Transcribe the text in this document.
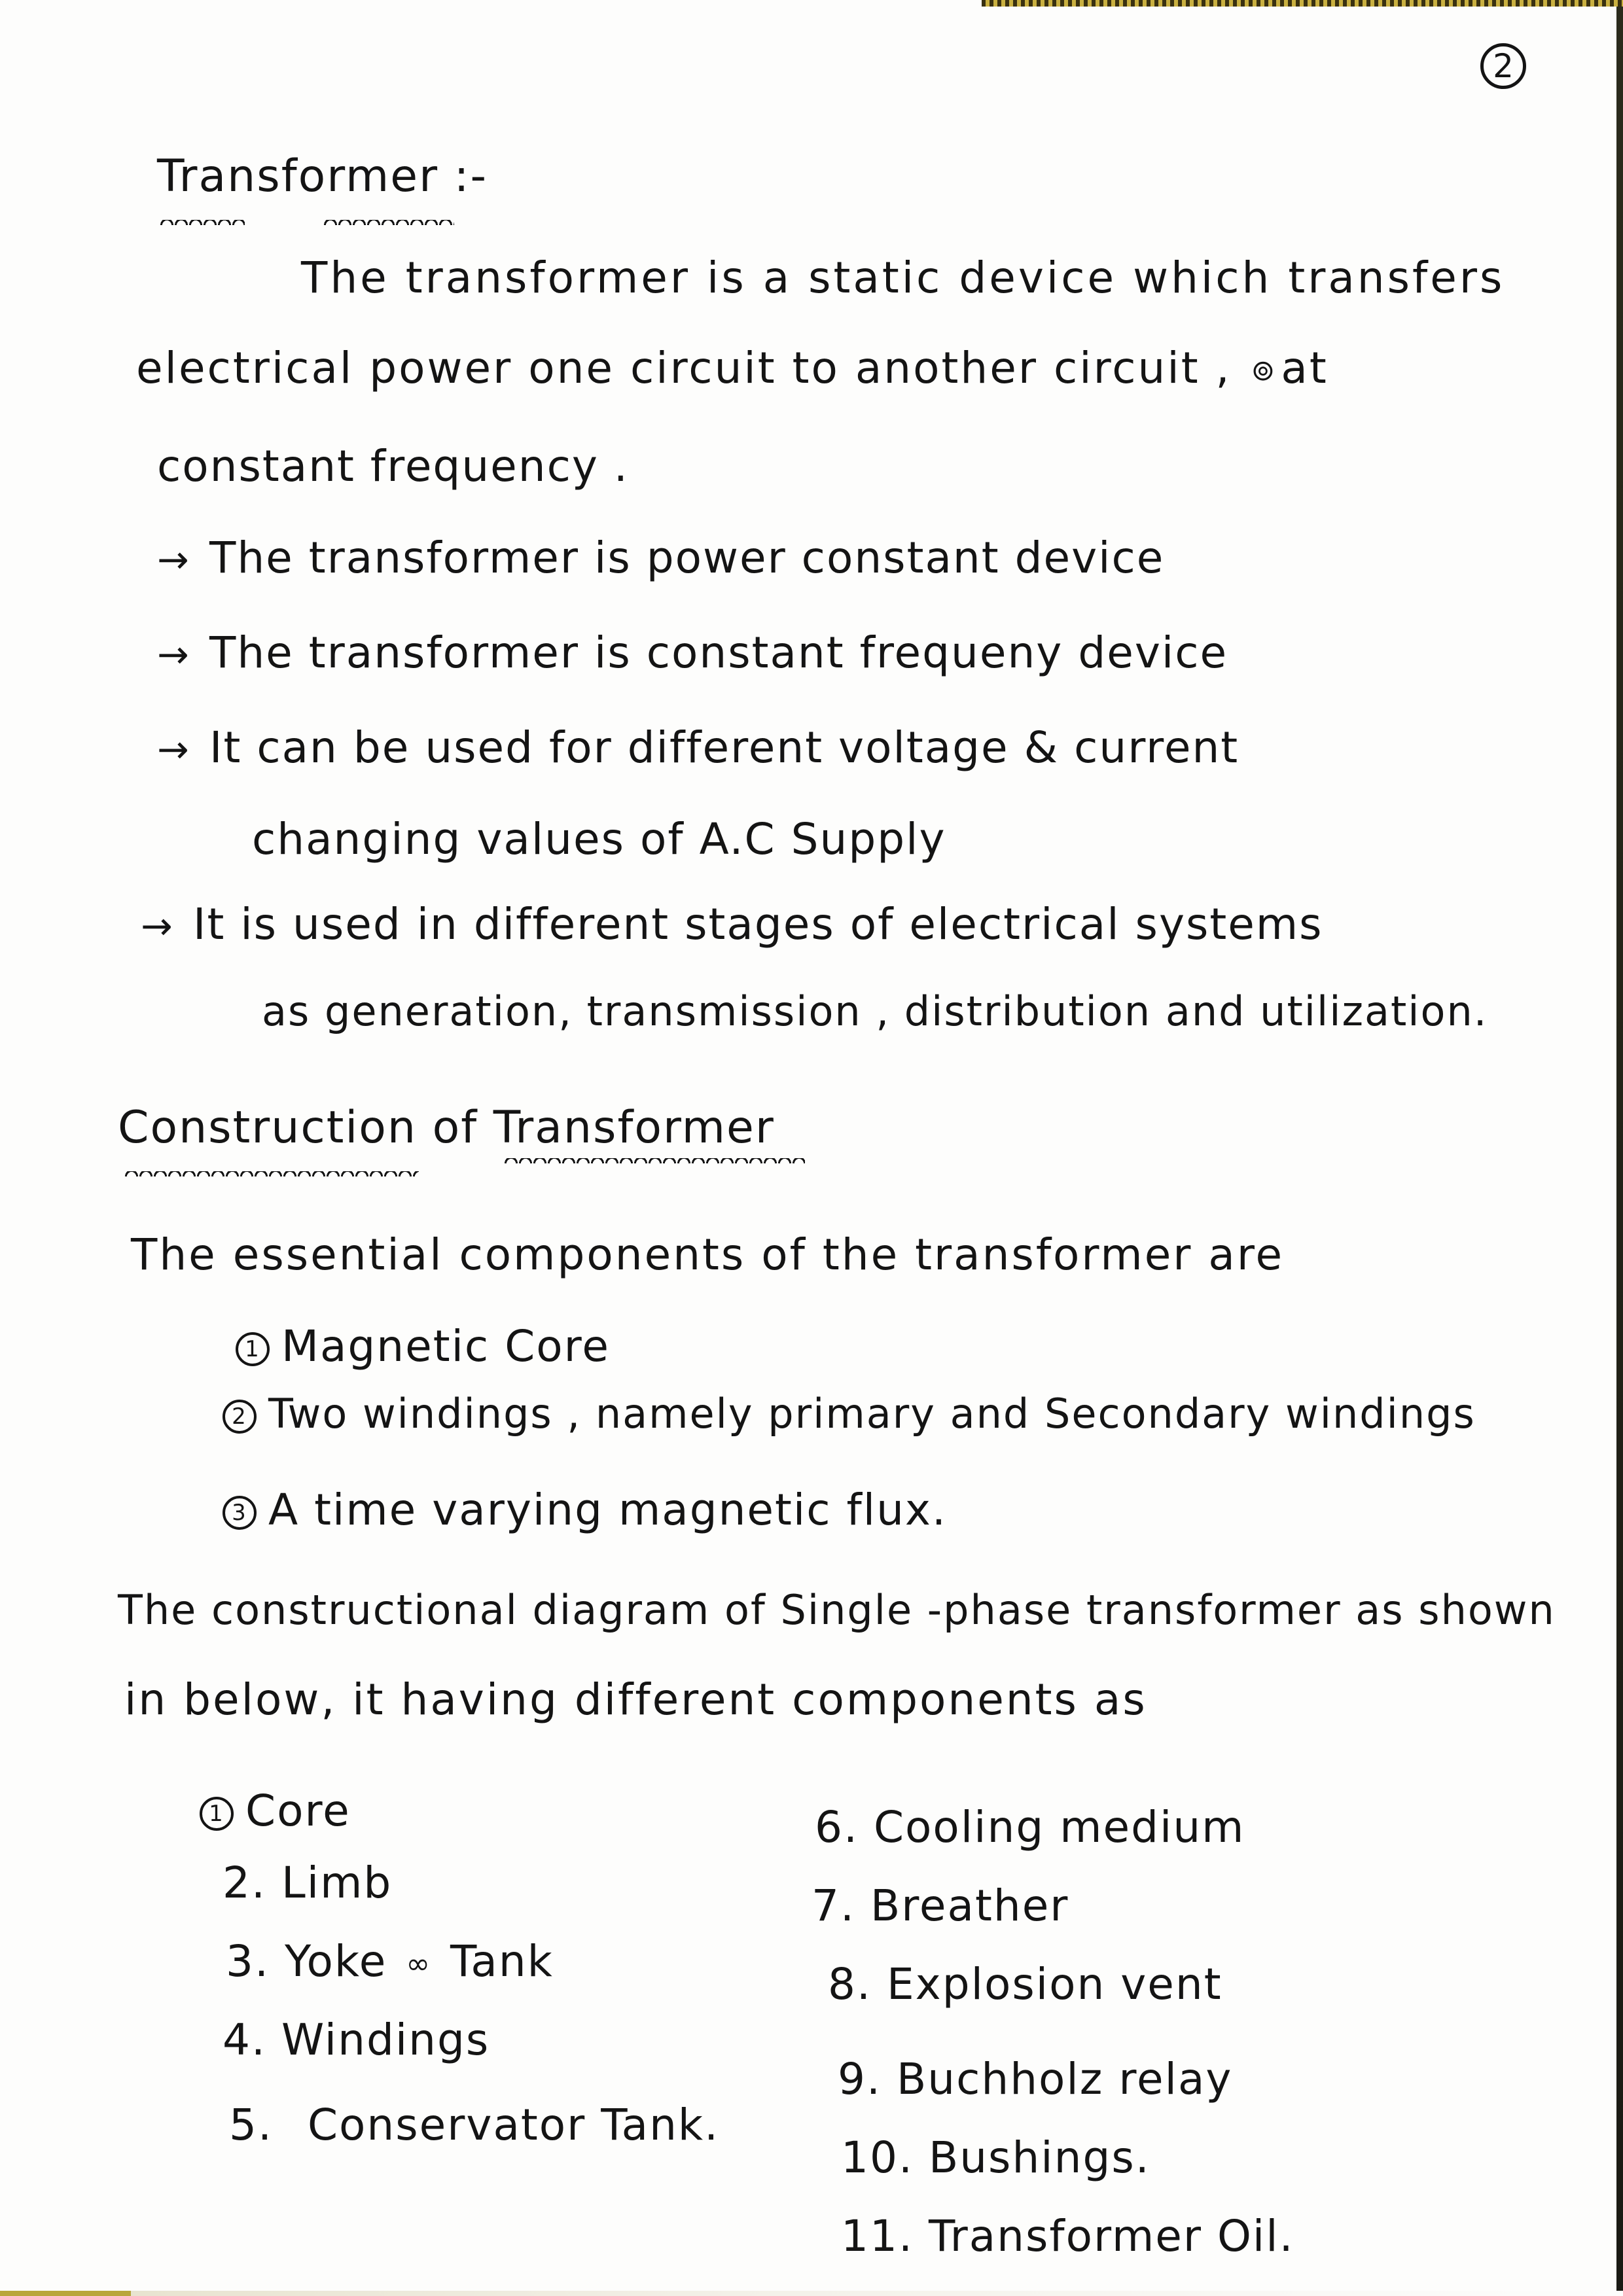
2
Transformer :-
The transformer is a static device which transfers
electrical power one circuit to another circuit , ⊚at
constant frequency .
→ The transformer is power constant device
→ The transformer is constant frequeny device
→ It can be used for different voltage & current
changing values of A.C Supply
→ It is used in different stages of electrical systems
as generation, transmission , distribution and utilization.
Construction of Transformer
The essential components of the transformer are
1 Magnetic Core
2 Two windings , namely primary and Secondary windings
3 A time varying magnetic flux.
The constructional diagram of Single -phase transformer as shown
in below, it having different components as
1 Core
2. Limb
3. Yoke ∞ Tank
4. Windings
5. Conservator Tank.
6. Cooling medium
7. Breather
8. Explosion vent
9. Buchholz relay
10. Bushings.
11. Transformer Oil.
